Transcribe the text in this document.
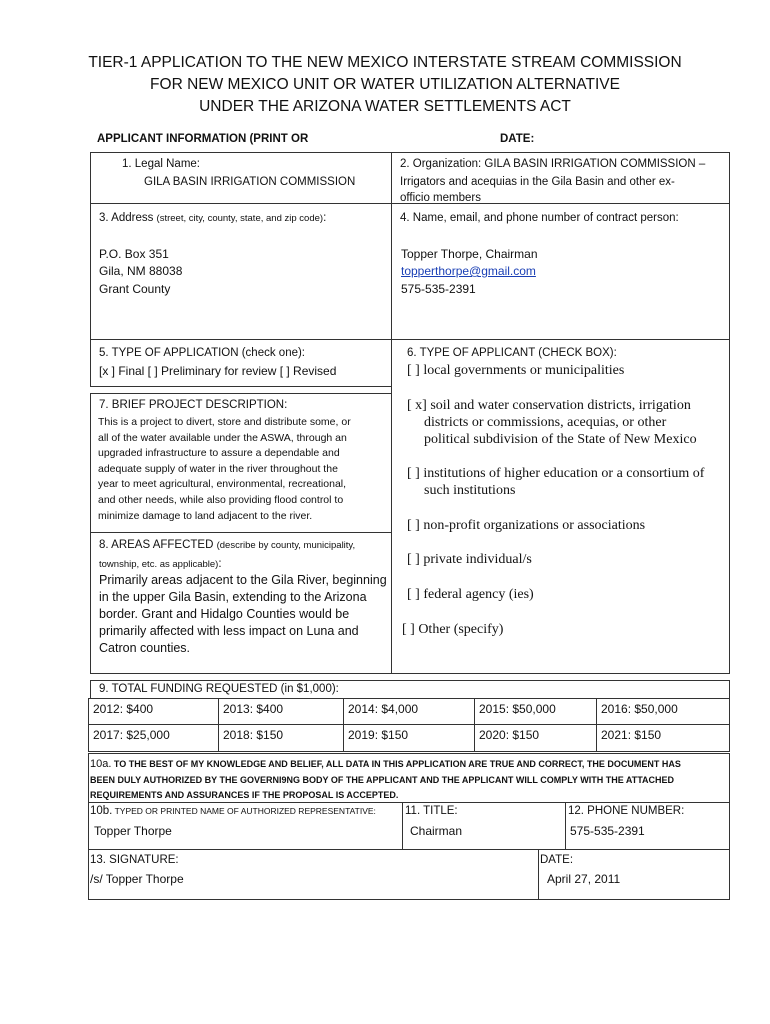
TIER-1 APPLICATION TO THE NEW MEXICO INTERSTATE STREAM COMMISSION
FOR NEW MEXICO UNIT OR WATER UTILIZATION ALTERNATIVE
UNDER THE ARIZONA WATER SETTLEMENTS ACT
APPLICANT INFORMATION (PRINT OR	DATE:
1. Legal Name:
GILA BASIN IRRIGATION COMMISSION
2. Organization: GILA BASIN IRRIGATION COMMISSION –
Irrigators and acequias in the Gila Basin and other ex-
officio members
3. Address (street, city, county, state, and zip code):
P.O. Box 351
Gila, NM 88038
Grant County
4. Name, email, and phone number of contract person:
Topper Thorpe, Chairman
topperthorpe@gmail.com
575-535-2391
5. TYPE OF APPLICATION (check one):
[x ] Final [ ] Preliminary for review [ ] Revised
7. BRIEF PROJECT DESCRIPTION:
This is a project to divert, store and distribute some, or
all of the water available under the ASWA, through an
upgraded infrastructure to assure a dependable and
adequate supply of water in the river throughout the
year to meet agricultural, environmental, recreational,
and other needs, while also providing flood control to
minimize damage to land adjacent to the river.
8. AREAS AFFECTED (describe by county, municipality,
township, etc. as applicable):
Primarily areas adjacent to the Gila River, beginning
in the upper Gila Basin, extending to the Arizona
border. Grant and Hidalgo Counties would be
primarily affected with less impact on Luna and
Catron counties.
6. TYPE OF APPLICANT (CHECK BOX):
[ ] local governments or municipalities
[ x] soil and water conservation districts, irrigation
districts or commissions, acequias, or other
political subdivision of the State of New Mexico
[ ] institutions of higher education or a consortium of
such institutions
[ ] non-profit organizations or associations
[ ] private individual/s
[ ] federal agency (ies)
[ ] Other (specify)
9. TOTAL FUNDING REQUESTED (in $1,000):
2012: $400	2013: $400	2014: $4,000	2015: $50,000	2016: $50,000
2017: $25,000	2018: $150	2019: $150	2020: $150	2021: $150
10a. TO THE BEST OF MY KNOWLEDGE AND BELIEF, ALL DATA IN THIS APPLICATION ARE TRUE AND CORRECT, THE DOCUMENT HAS
BEEN DULY AUTHORIZED BY THE GOVERNI9NG BODY OF THE APPLICANT AND THE APPLICANT WILL COMPLY WITH THE ATTACHED
REQUIREMENTS AND ASSURANCES IF THE PROPOSAL IS ACCEPTED.
10b. TYPED OR PRINTED NAME OF AUTHORIZED REPRESENTATIVE:
Topper Thorpe
11. TITLE:
Chairman
12. PHONE NUMBER:
575-535-2391
13. SIGNATURE:
/s/ Topper Thorpe
DATE:
April 27, 2011
